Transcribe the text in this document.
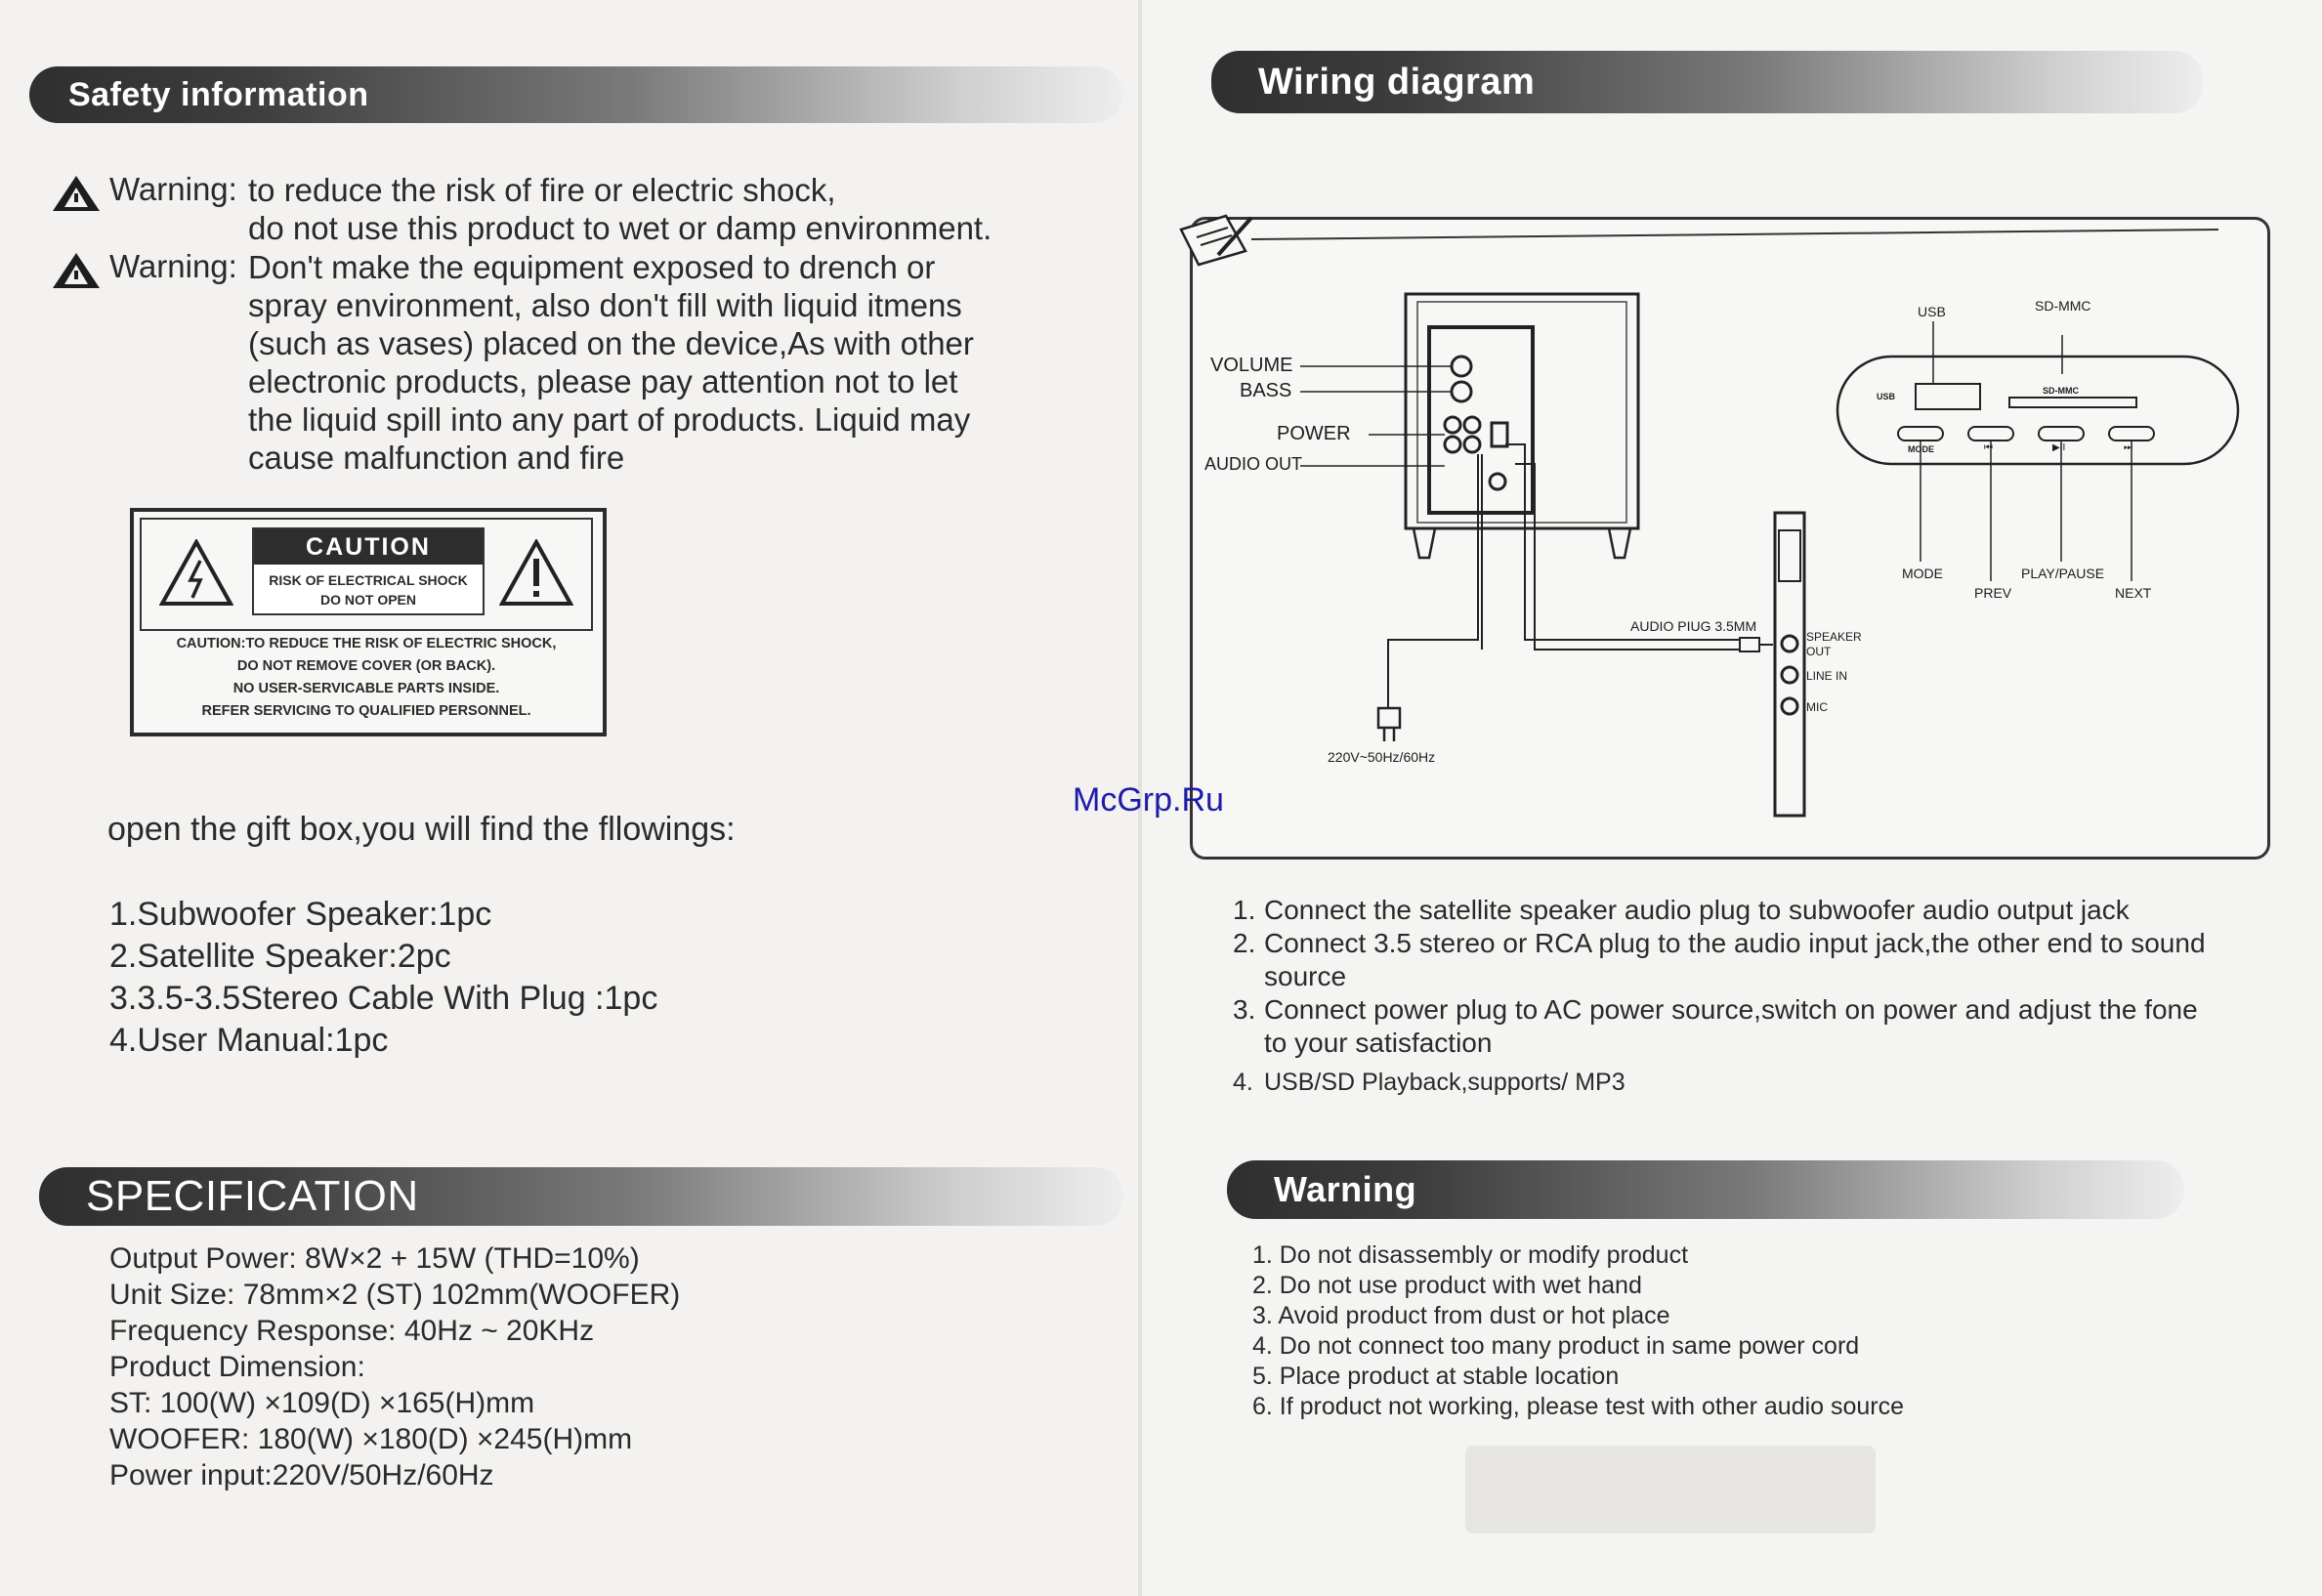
Safety information
Warning: to reduce the risk of fire or electric shock,
do not use this product to wet or damp environment.
Warning: Don't make the equipment exposed to drench or
spray environment, also don't fill with liquid itmens
(such as vases) placed on the device,As with other
electronic products, please pay attention not to let
the liquid spill into any part of products. Liquid may
cause malfunction and fire
CAUTION
RISK OF ELECTRICAL SHOCK
DO NOT OPEN
CAUTION:TO REDUCE THE RISK OF ELECTRIC SHOCK,
DO NOT REMOVE COVER (OR BACK).
NO USER-SERVICABLE PARTS INSIDE.
REFER SERVICING TO QUALIFIED PERSONNEL.
open the gift box,you will find the fllowings:
1.Subwoofer Speaker:1pc
2.Satellite Speaker:2pc
3.3.5-3.5Stereo Cable With Plug :1pc
4.User Manual:1pc
SPECIFICATION
Output Power: 8W×2 + 15W (THD=10%)
Unit Size: 78mm×2 (ST) 102mm(WOOFER)
Frequency Response: 40Hz ~ 20KHz
Product Dimension:
ST: 100(W) ×109(D) ×165(H)mm
WOOFER: 180(W) ×180(D) ×245(H)mm
Power input:220V/50Hz/60Hz
Wiring diagram
VOLUME
BASS
POWER
AUDIO OUT
220V~50Hz/60Hz
AUDIO PIUG 3.5MM
SPEAKER
OUT
LINE IN
MIC
USB	SD-MMC
USB
SD-MMC
MODE	⏮	▶II	⏭
MODE
PREV
PLAY/PAUSE
NEXT
McGrp.Ru
1. Connect the satellite speaker audio plug to subwoofer audio output jack
2. Connect 3.5 stereo or RCA plug to the audio input jack,the other end to sound source
3. Connect power plug to AC power source,switch on power and adjust the fone to your satisfaction
4. USB/SD Playback,supports/ MP3
Warning
1. Do not disassembly or modify product
2. Do not use product with wet hand
3. Avoid product from dust or hot place
4. Do not connect too many product in same power cord
5. Place product at stable location
6. If product not working, please test with other audio source
